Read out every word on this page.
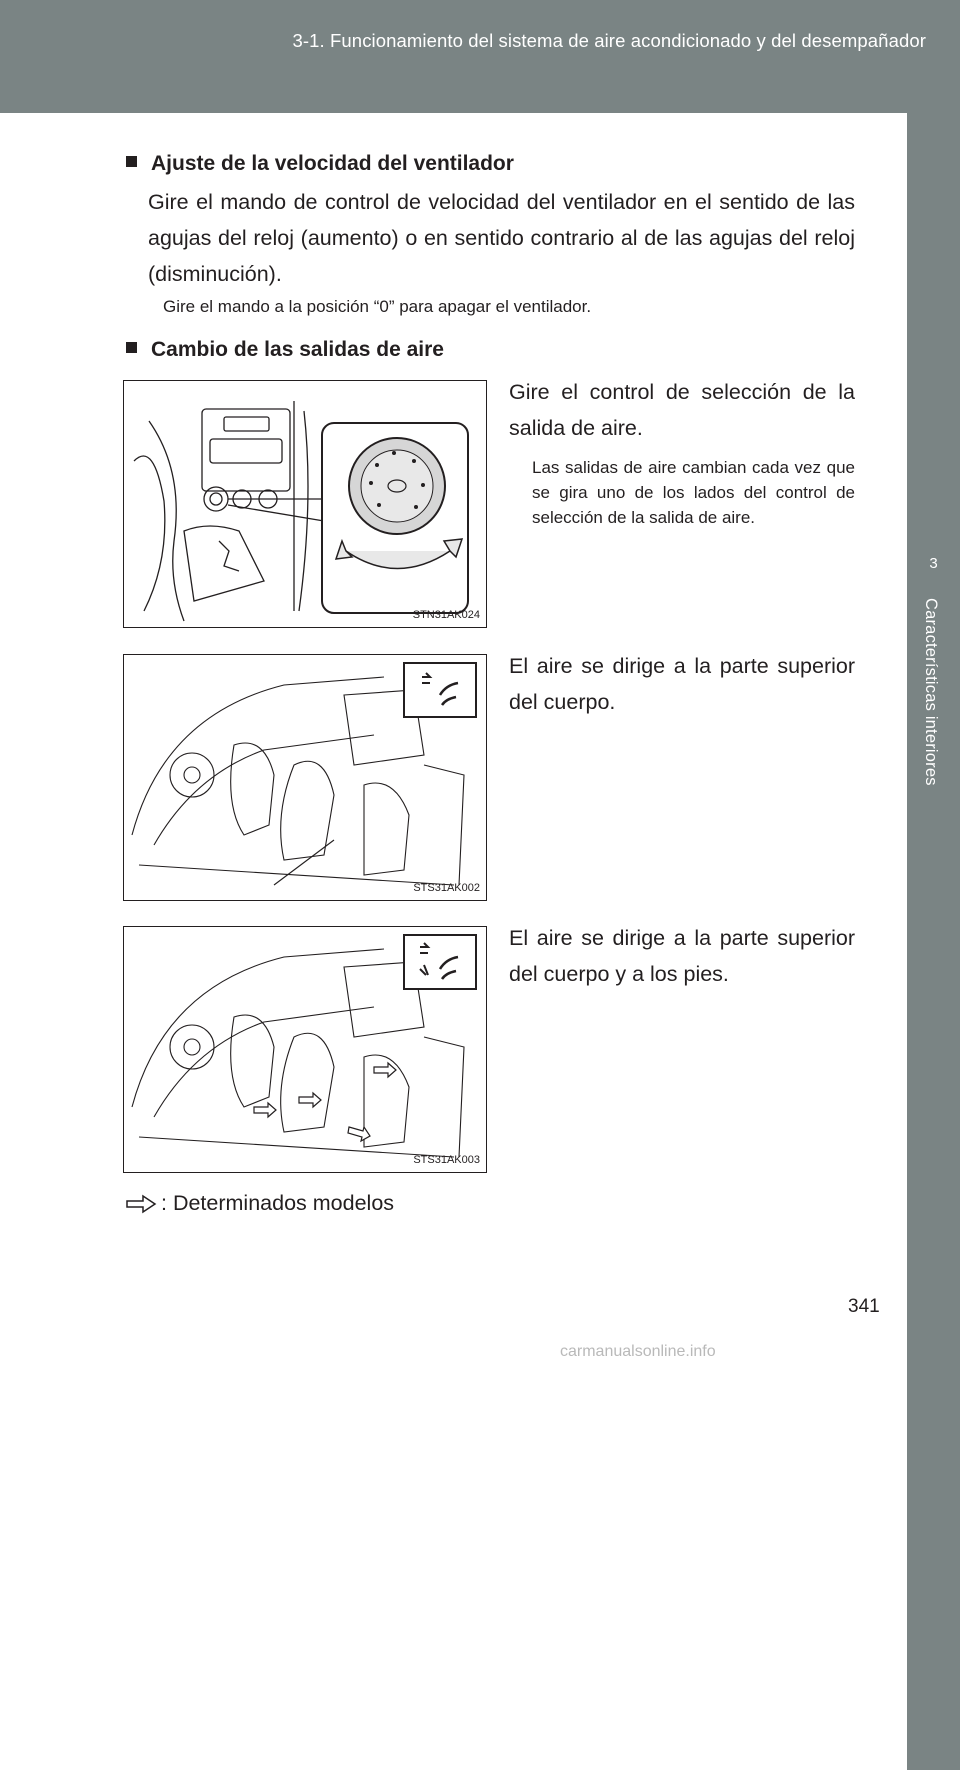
3-1. Funcionamiento del sistema de aire acondicionado y del desempañador
3
Características interiores
Ajuste de la velocidad del ventilador
Gire el mando de control de velocidad del ventilador en el sentido de las agujas del reloj (aumento) o en sentido contrario al de las agujas del reloj (disminución).
Gire el mando a la posición “0” para apagar el ventilador.
Cambio de las salidas de aire
STN31AK024
Gire el control de selección de la salida de aire.
Las salidas de aire cambian cada vez que se gira uno de los lados del control de selección de la salida de aire.
STS31AK002
El aire se dirige a la parte superior del cuerpo.
STS31AK003
El aire se dirige a la parte superior del cuerpo y a los pies.
: Determinados modelos
341
carmanualsonline.info
